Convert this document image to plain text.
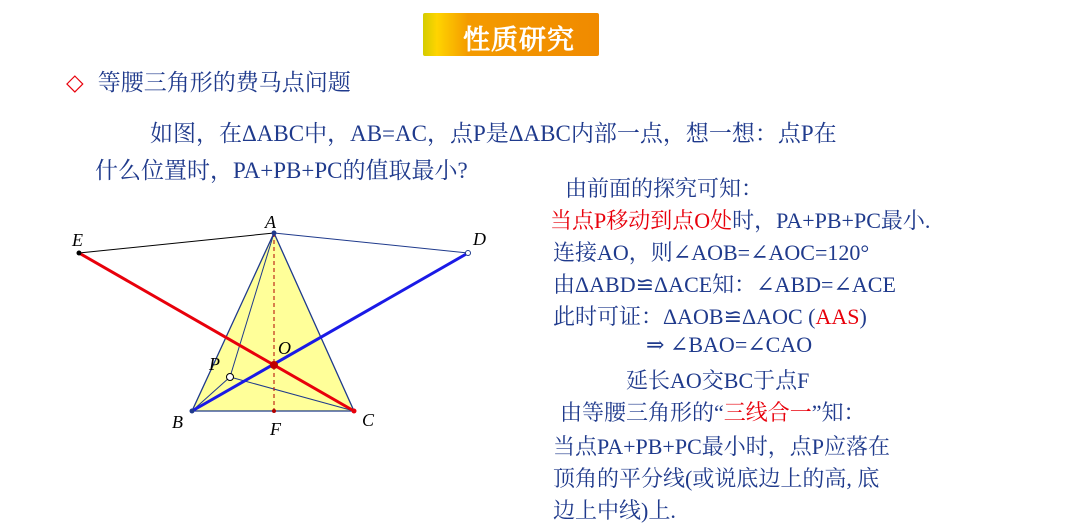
性质研究
◇ 等腰三角形的费马点问题
如图，在ΔABC中，AB=AC，点P是ΔABC内部一点，想一想：点P在
什么位置时，PA+PB+PC的值取最小?
由前面的探究可知：
当点P移动到点O处时，PA+PB+PC最小.
连接AO，则∠AOB=∠AOC=120°
由ΔABD≌ΔACE知：∠ABD=∠ACE
此时可证：ΔAOB≌ΔAOC (AAS)
⇒ ∠BAO=∠CAO
延长AO交BC于点F
由等腰三角形的“三线合一”知：
当点PA+PB+PC最小时，点P应落在
顶角的平分线(或说底边上的高, 底
边上中线)上.
A
E	D
B	C
F
O
P
